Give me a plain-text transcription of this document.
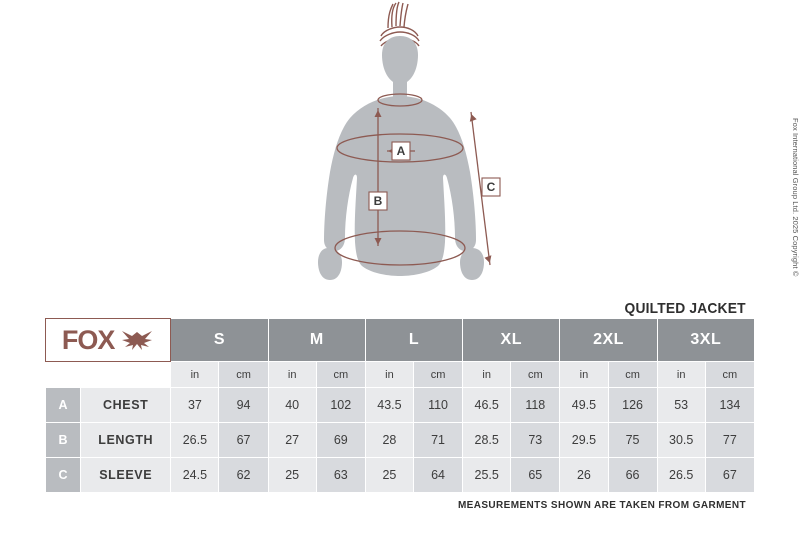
A
B
C
QUILTED JACKET
Fox International Group Ltd. 2025 Copyright ©
FOX		S		M		L		XL		2XL		3XL	
		in	cm	in	cm	in	cm	in	cm	in	cm	in	cm
A	CHEST	37	94	40	102	43.5	110	46.5	118	49.5	126	53	134
B	LENGTH	26.5	67	27	69	28	71	28.5	73	29.5	75	30.5	77
C	SLEEVE	24.5	62	25	63	25	64	25.5	65	26	66	26.5	67
MEASUREMENTS SHOWN ARE TAKEN FROM GARMENT
